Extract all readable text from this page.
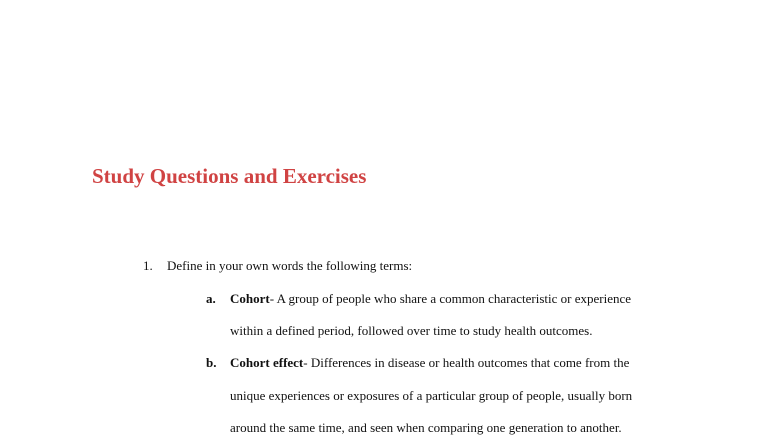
Study Questions and Exercises
1. Define in your own words the following terms:
a. Cohort- A group of people who share a common characteristic or experience
within a defined period, followed over time to study health outcomes.
b. Cohort effect- Differences in disease or health outcomes that come from the
unique experiences or exposures of a particular group of people, usually born
around the same time, and seen when comparing one generation to another.
